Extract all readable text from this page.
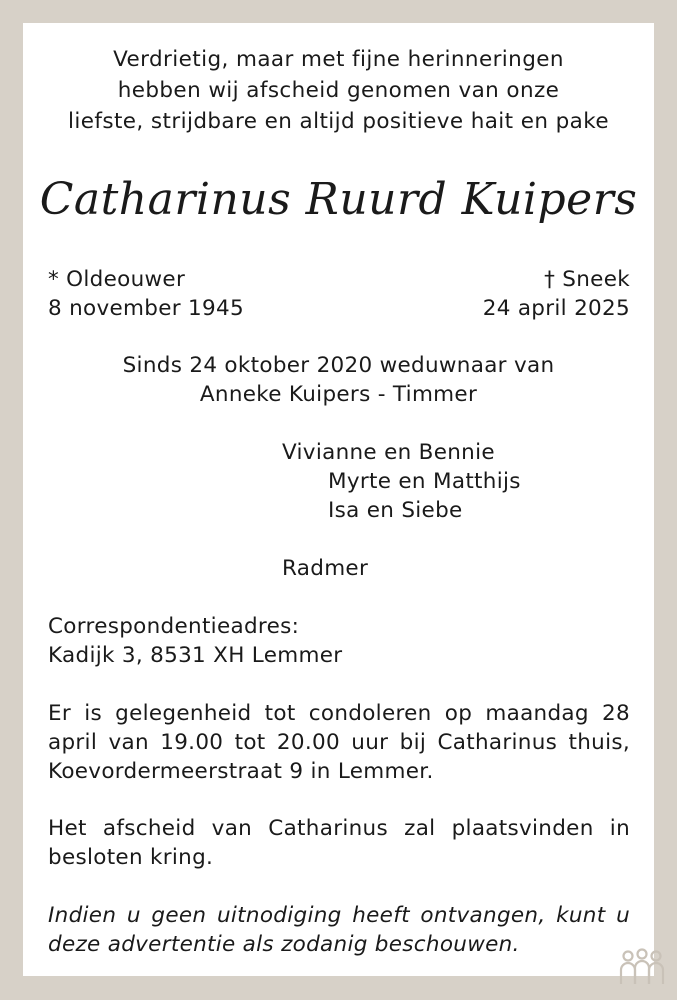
Verdrietig, maar met fijne herinneringen
hebben wij afscheid genomen van onze
liefste, strijdbare en altijd positieve hait en pake
Catharinus Ruurd Kuipers
* Oldeouwer
8 november 1945
† Sneek
24 april 2025
Sinds 24 oktober 2020 weduwnaar van
Anneke Kuipers - Timmer
Vivianne en Bennie
Myrte en Matthijs
Isa en Siebe
Radmer
Correspondentieadres:
Kadijk 3, 8531 XH Lemmer
Er is gelegenheid tot condoleren op maandag 28 april van 19.00 tot 20.00 uur bij Catharinus thuis, Koevordermeerstraat 9 in Lemmer.
Het afscheid van Catharinus zal plaatsvinden in besloten kring.
Indien u geen uitnodiging heeft ontvangen, kunt u deze advertentie als zodanig beschouwen.
